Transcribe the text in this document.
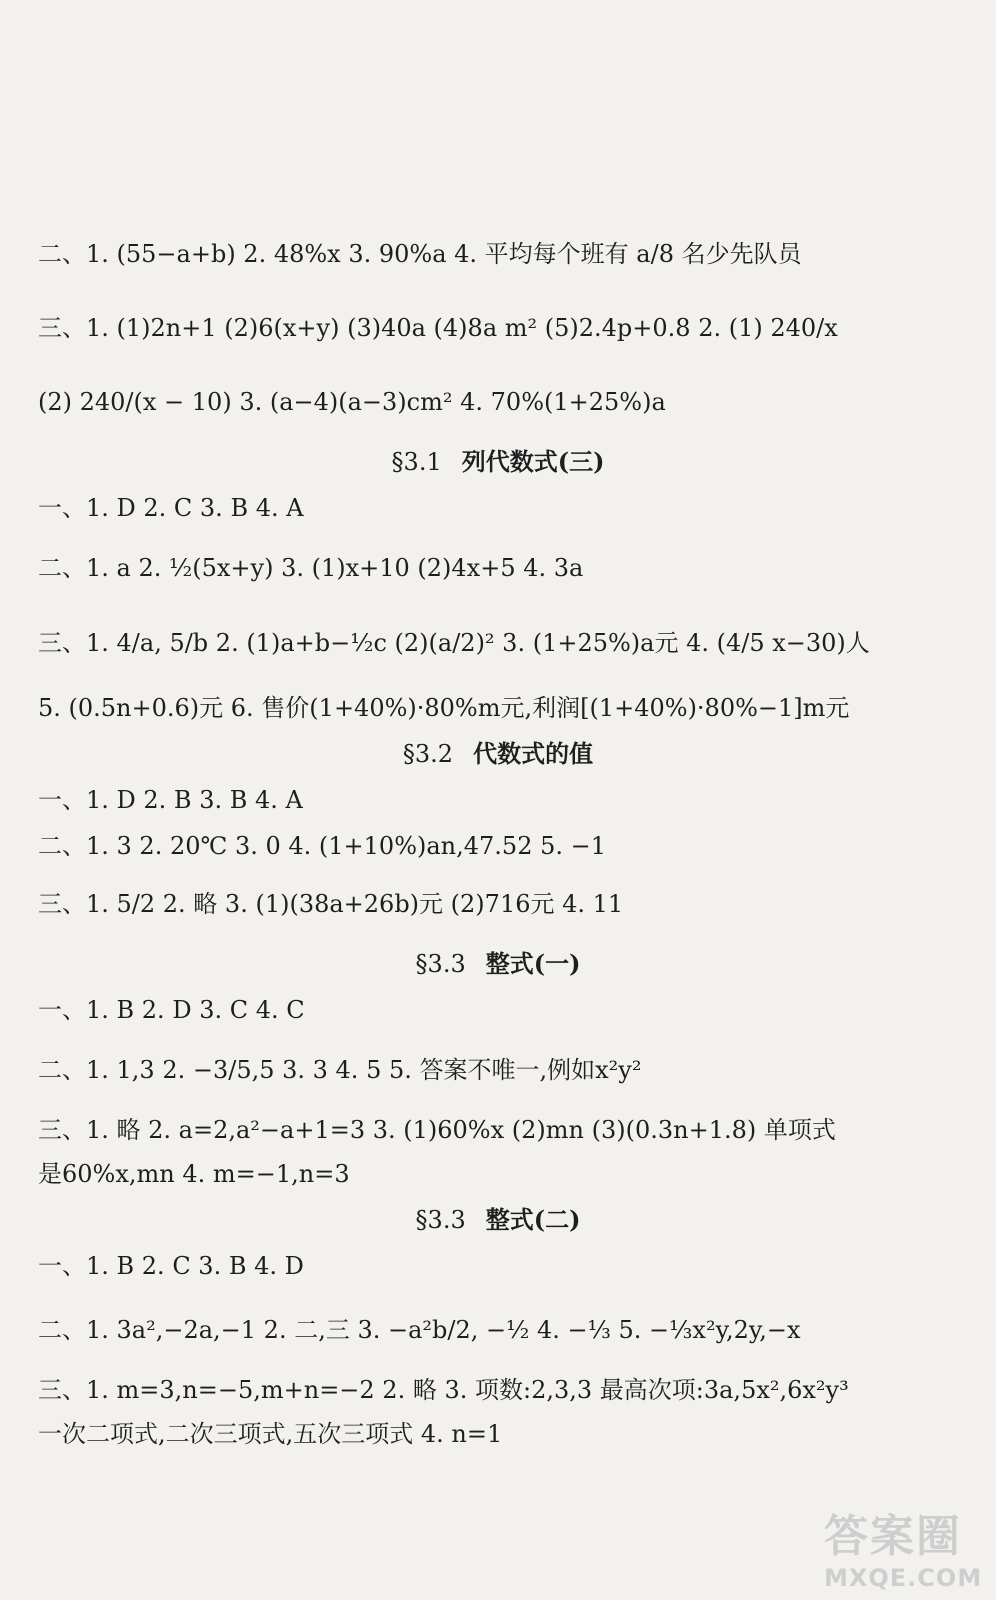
二、1. (55−a+b) 2. 48%x 3. 90%a 4. 平均每个班有 a/8 名少先队员
三、1. (1)2n+1 (2)6(x+y) (3)40a (4)8a m² (5)2.4p+0.8 2. (1) 240/x
(2) 240/(x − 10) 3. (a−4)(a−3)cm² 4. 70%(1+25%)a
§3.1 列代数式(三)
一、1. D 2. C 3. B 4. A
二、1. a 2. ½(5x+y) 3. (1)x+10 (2)4x+5 4. 3a
三、1. 4/a, 5/b 2. (1)a+b−½c (2)(a/2)² 3. (1+25%)a元 4. (4/5 x−30)人
5. (0.5n+0.6)元 6. 售价(1+40%)·80%m元,利润[(1+40%)·80%−1]m元
§3.2 代数式的值
一、1. D 2. B 3. B 4. A
二、1. 3 2. 20℃ 3. 0 4. (1+10%)an,47.52 5. −1
三、1. 5/2 2. 略 3. (1)(38a+26b)元 (2)716元 4. 11
§3.3 整式(一)
一、1. B 2. D 3. C 4. C
二、1. 1,3 2. −3/5,5 3. 3 4. 5 5. 答案不唯一,例如x²y²
三、1. 略 2. a=2,a²−a+1=3 3. (1)60%x (2)mn (3)(0.3n+1.8) 单项式
是60%x,mn 4. m=−1,n=3
§3.3 整式(二)
一、1. B 2. C 3. B 4. D
二、1. 3a²,−2a,−1 2. 二,三 3. −a²b/2, −½ 4. −⅓ 5. −⅓x²y,2y,−x
三、1. m=3,n=−5,m+n=−2 2. 略 3. 项数:2,3,3 最高次项:3a,5x²,6x²y³
一次二项式,二次三项式,五次三项式 4. n=1
答案圈
MXQE.COM
